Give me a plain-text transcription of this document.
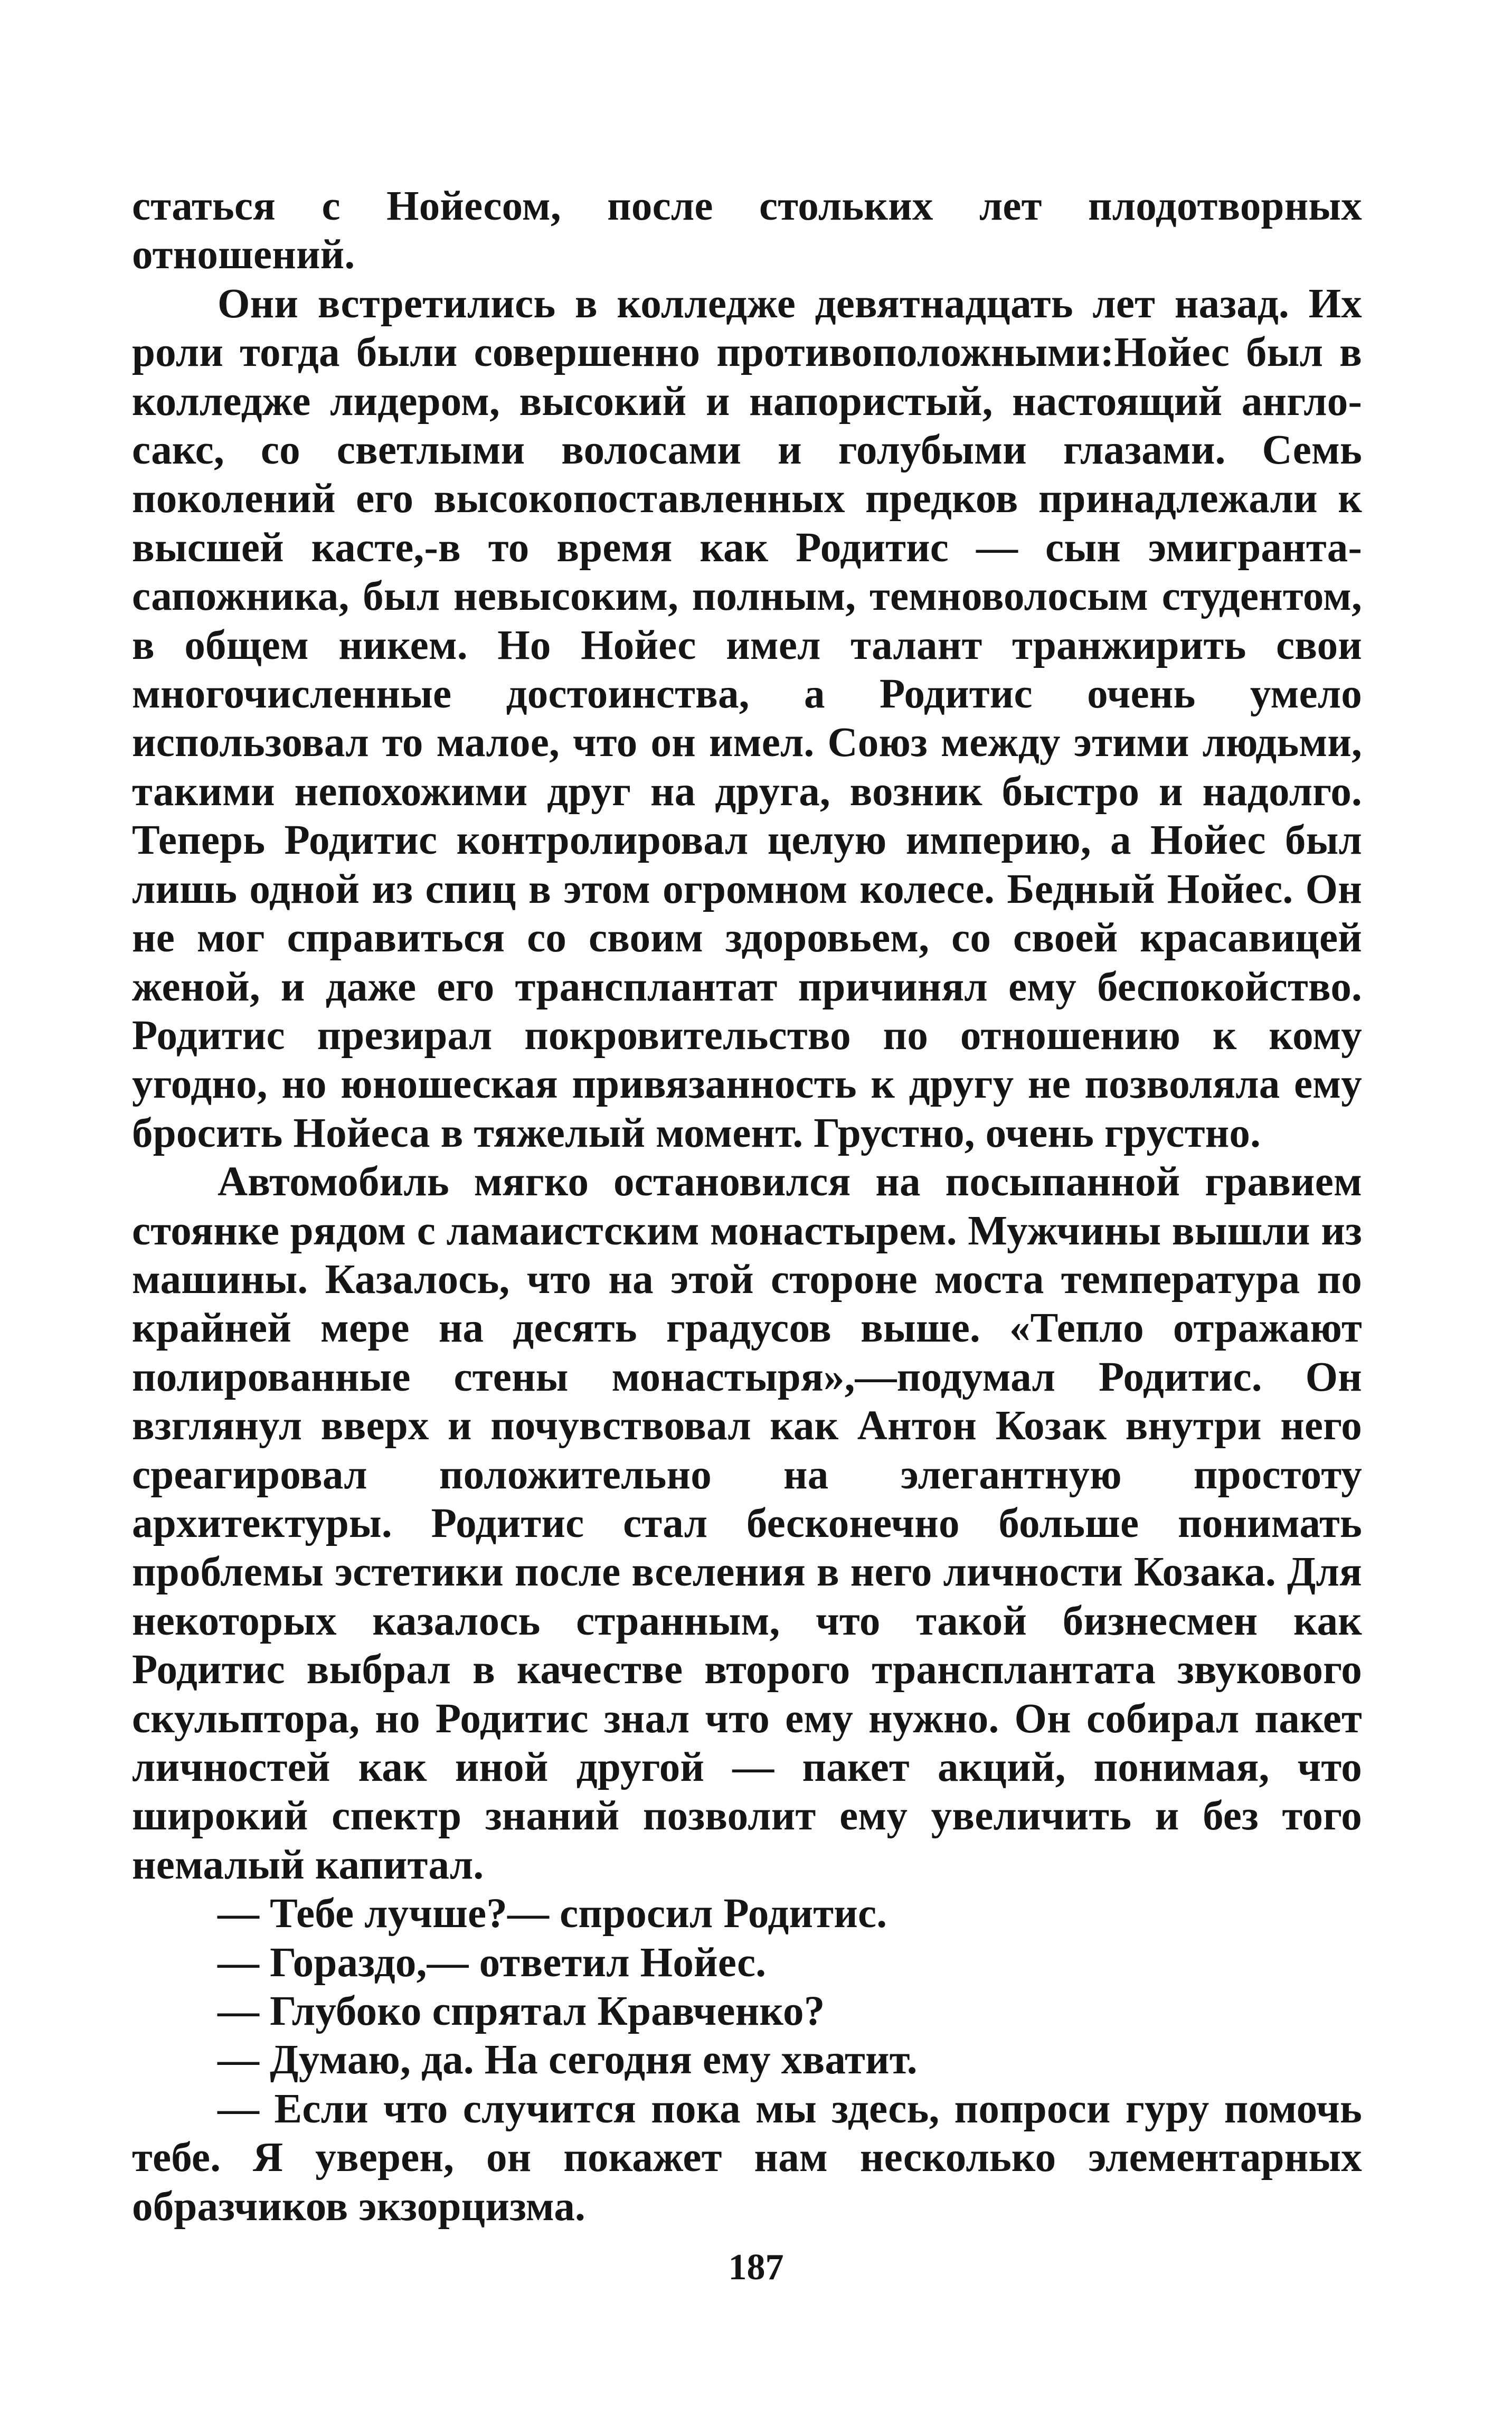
статься с Нойесом, после стольких лет плодотворных отношений.

Они встретились в колледже девятнадцать лет назад. Их роли тогда были совершенно противоположными:Нойес был в колледже лидером, высокий и напористый, настоящий англо-сакс, со светлыми волосами и голубыми глазами. Семь поколений его высокопоставленных предков принадлежали к высшей касте,-в то время как Родитис — сын эмигранта-сапожника, был невысоким, полным, темноволосым студентом, в общем никем. Но Нойес имел талант транжирить свои многочисленные достоинства, а Родитис очень умело использовал то малое, что он имел. Союз между этими людьми, такими непохожими друг на друга, возник быстро и надолго. Теперь Родитис контролировал целую империю, а Нойес был лишь одной из спиц в этом огромном колесе. Бедный Нойес. Он не мог справиться со своим здоровьем, со своей красавицей женой, и даже его трансплантат причинял ему беспокойство. Родитис презирал покровительство по отношению к кому угодно, но юношеская привязанность к другу не позволяла ему бросить Нойеса в тяжелый момент. Грустно, очень грустно.

Автомобиль мягко остановился на посыпанной гравием стоянке рядом с ламаистским монастырем. Мужчины вышли из машины. Казалось, что на этой стороне моста температура по крайней мере на десять градусов выше. «Тепло отражают полированные стены монастыря»,—подумал Родитис. Он взглянул вверх и почувствовал как Антон Козак внутри него среагировал положительно на элегантную простоту архитектуры. Родитис стал бесконечно больше понимать проблемы эстетики после вселения в него личности Козака. Для некоторых казалось странным, что такой бизнесмен как Родитис выбрал в качестве второго трансплантата звукового скульптора, но Родитис знал что ему нужно. Он собирал пакет личностей как иной другой — пакет акций, понимая, что широкий спектр знаний позволит ему увеличить и без того немалый капитал.

— Тебе лучше?— спросил Родитис.

— Гораздо,— ответил Нойес.

— Глубоко спрятал Кравченко?

— Думаю, да. На сегодня ему хватит.

— Если что случится пока мы здесь, попроси гуру помочь тебе. Я уверен, он покажет нам несколько элементарных образчиков экзорцизма.

187
